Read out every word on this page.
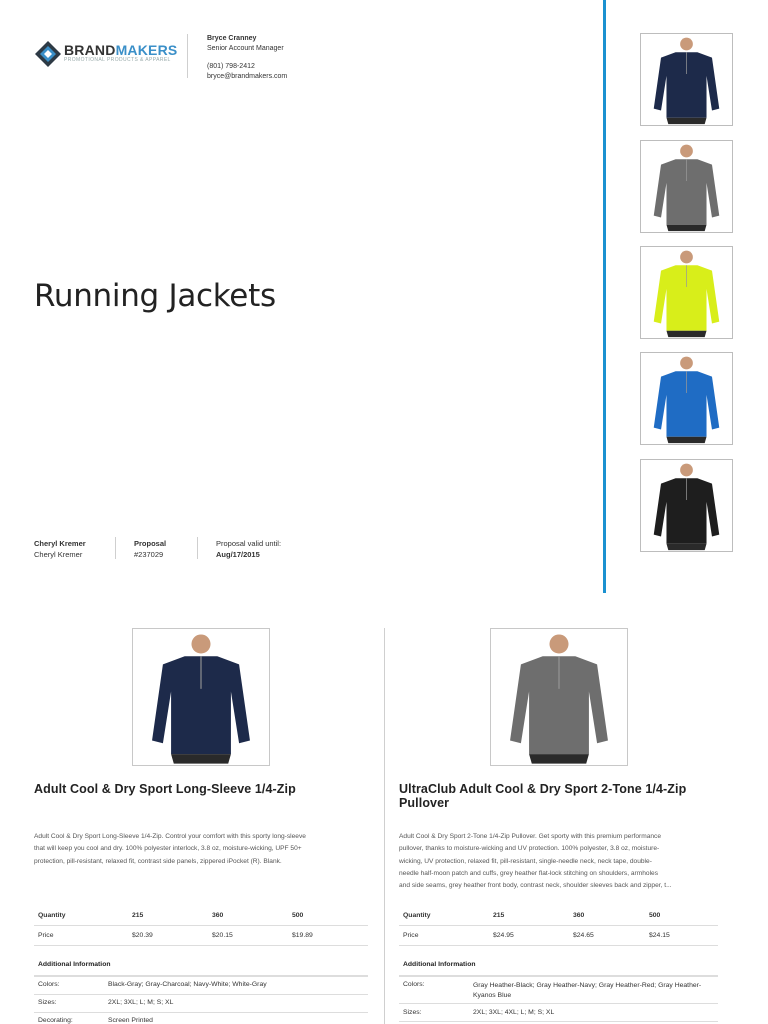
BRANDMAKERS
PROMOTIONAL PRODUCTS & APPAREL
Bryce Cranney
Senior Account Manager
(801) 798-2412
bryce@brandmakers.com
Running Jackets
Cheryl Kremer
Cheryl Kremer
Proposal
#237029
Proposal valid until:
Aug/17/2015
Adult Cool & Dry Sport Long-Sleeve 1/4-Zip
Adult Cool & Dry Sport Long-Sleeve 1/4-Zip. Control your comfort with this sporty long-sleeve
that will keep you cool and dry. 100% polyester interlock, 3.8 oz, moisture-wicking, UPF 50+
protection, pill-resistant, relaxed fit, contrast side panels, zippered iPocket (R). Blank.
Quantity	215	360	500
Price	$20.39	$20.15	$19.89
Additional Information
Colors:	Black-Gray; Gray-Charcoal; Navy-White; White-Gray
Sizes:	2XL; 3XL; L; M; S; XL
Decorating:	Screen Printed
UltraClub Adult Cool & Dry Sport 2-Tone 1/4-Zip
Pullover
Adult Cool & Dry Sport 2-Tone 1/4-Zip Pullover. Get sporty with this premium performance
pullover, thanks to moisture-wicking and UV protection. 100% polyester, 3.8 oz, moisture-
wicking, UV protection, relaxed fit, pill-resistant, single-needle neck, neck tape, double-
needle half-moon patch and cuffs, grey heather flat-lock stitching on shoulders, armholes
and side seams, grey heather front body, contrast neck, shoulder sleeves back and zipper, t...
Quantity	215	360	500
Price	$24.95	$24.65	$24.15
Additional Information
Colors:	Gray Heather-Black; Gray Heather-Navy; Gray Heather-Red; Gray Heather-
Kyanos Blue
Sizes:	2XL; 3XL; 4XL; L; M; S; XL
